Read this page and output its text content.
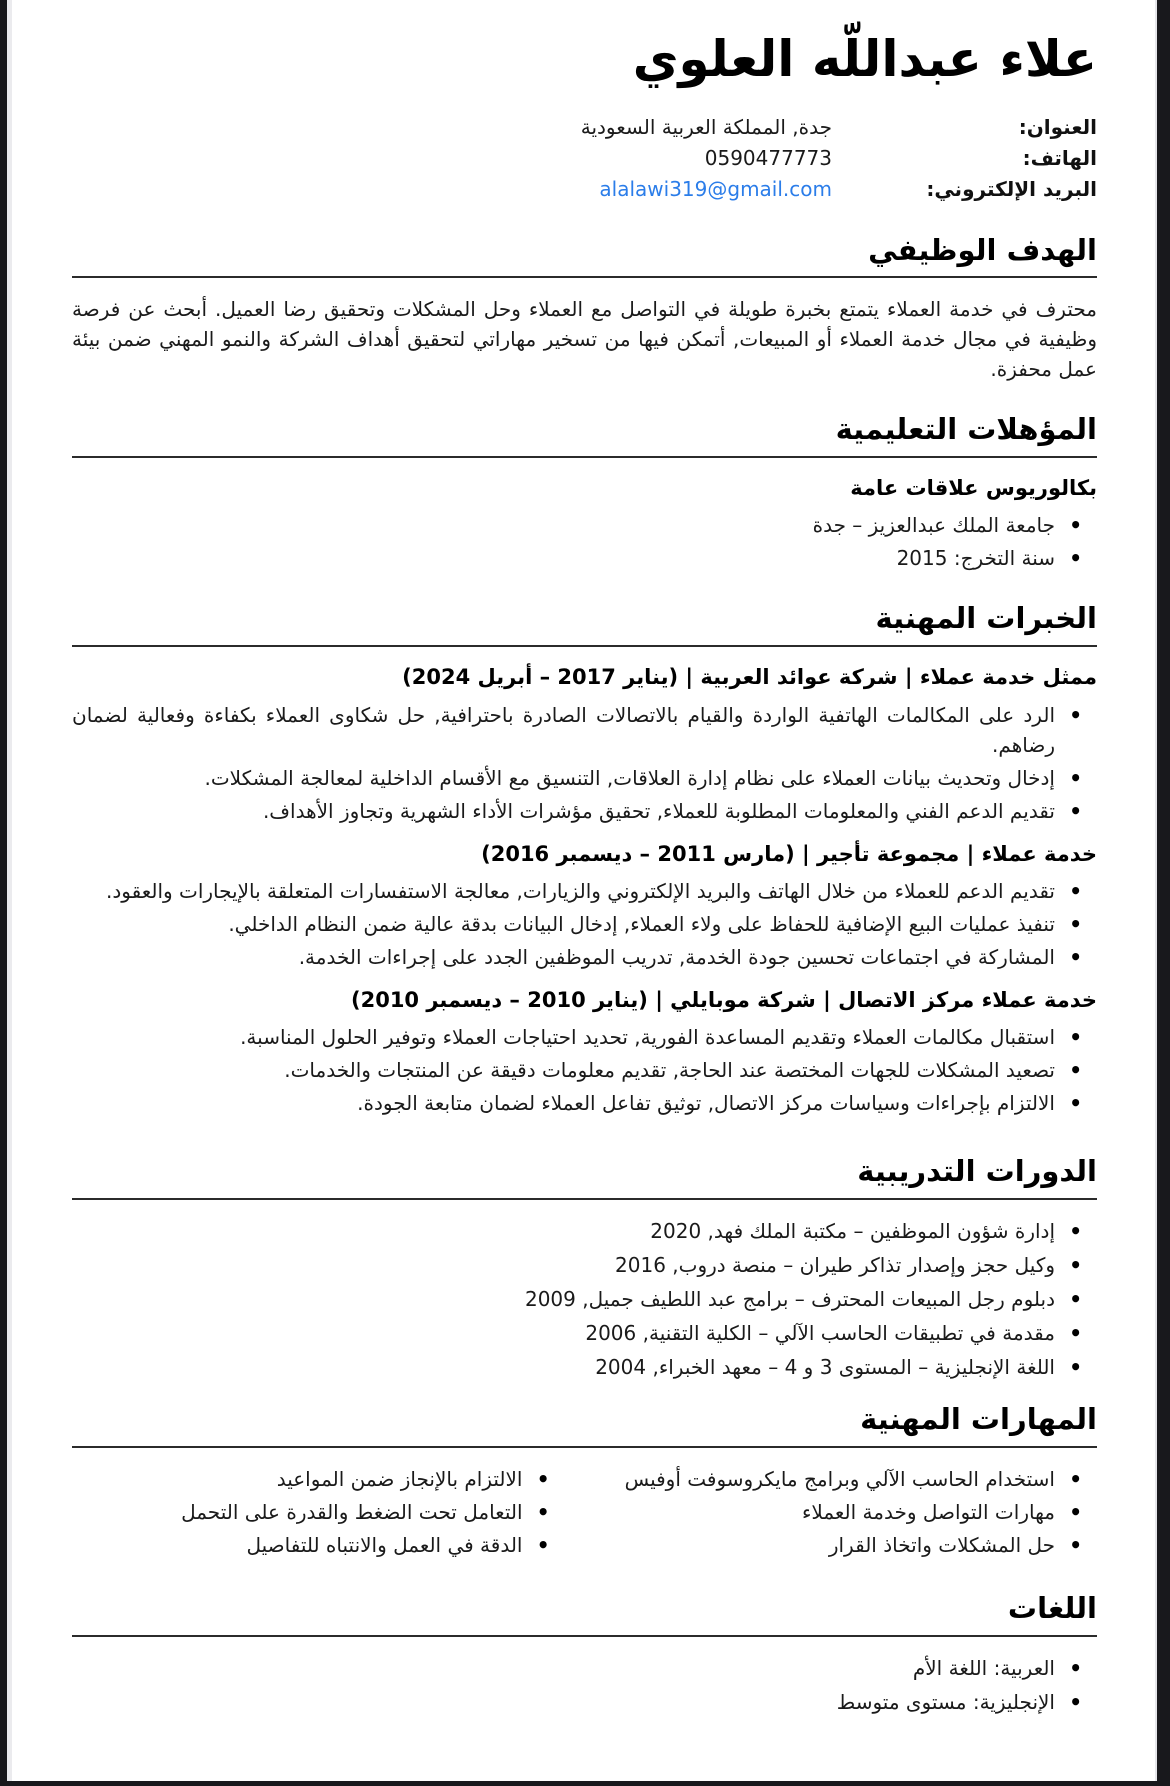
علاء عبداللّه العلوي
العنوان:
جدة, المملكة العربية السعودية
الهاتف:
0590477773
البريد الإلكتروني:
alalawi319@gmail.com
الهدف الوظيفي

محترف في خدمة العملاء يتمتع بخبرة طويلة في التواصل مع العملاء وحل المشكلات وتحقيق رضا العميل. أبحث عن فرصة وظيفية في مجال خدمة العملاء أو المبيعات, أتمكن فيها من تسخير مهاراتي لتحقيق أهداف الشركة والنمو المهني ضمن بيئة عمل محفزة.

المؤهلات التعليمية
بكالوريوس علاقات عامة
• جامعة الملك عبدالعزيز – جدة
• سنة التخرج: 2015
الخبرات المهنية
ممثل خدمة عملاء | شركة عوائد العربية | (يناير 2017 – أبريل 2024)
• الرد على المكالمات الهاتفية الواردة والقيام بالاتصالات الصادرة باحترافية, حل شكاوى العملاء بكفاءة وفعالية لضمان رضاهم.
• إدخال وتحديث بيانات العملاء على نظام إدارة العلاقات, التنسيق مع الأقسام الداخلية لمعالجة المشكلات.
• تقديم الدعم الفني والمعلومات المطلوبة للعملاء, تحقيق مؤشرات الأداء الشهرية وتجاوز الأهداف.
خدمة عملاء | مجموعة تأجير | (مارس 2011 – ديسمبر 2016)
• تقديم الدعم للعملاء من خلال الهاتف والبريد الإلكتروني والزيارات, معالجة الاستفسارات المتعلقة بالإيجارات والعقود.
• تنفيذ عمليات البيع الإضافية للحفاظ على ولاء العملاء, إدخال البيانات بدقة عالية ضمن النظام الداخلي.
• المشاركة في اجتماعات تحسين جودة الخدمة, تدريب الموظفين الجدد على إجراءات الخدمة.
خدمة عملاء مركز الاتصال | شركة موبايلي | (يناير 2010 – ديسمبر 2010)
• استقبال مكالمات العملاء وتقديم المساعدة الفورية, تحديد احتياجات العملاء وتوفير الحلول المناسبة.
• تصعيد المشكلات للجهات المختصة عند الحاجة, تقديم معلومات دقيقة عن المنتجات والخدمات.
• الالتزام بإجراءات وسياسات مركز الاتصال, توثيق تفاعل العملاء لضمان متابعة الجودة.
الدورات التدريبية
• إدارة شؤون الموظفين – مكتبة الملك فهد, 2020
• وكيل حجز وإصدار تذاكر طيران – منصة دروب, 2016
• دبلوم رجل المبيعات المحترف – برامج عبد اللطيف جميل, 2009
• مقدمة في تطبيقات الحاسب الآلي – الكلية التقنية, 2006
• اللغة الإنجليزية – المستوى 3 و 4 – معهد الخبراء, 2004
المهارات المهنية
• استخدام الحاسب الآلي وبرامج مايكروسوفت أوفيس
• مهارات التواصل وخدمة العملاء
• حل المشكلات واتخاذ القرار
• الالتزام بالإنجاز ضمن المواعيد
• التعامل تحت الضغط والقدرة على التحمل
• الدقة في العمل والانتباه للتفاصيل
اللغات
• العربية: اللغة الأم
• الإنجليزية: مستوى متوسط
